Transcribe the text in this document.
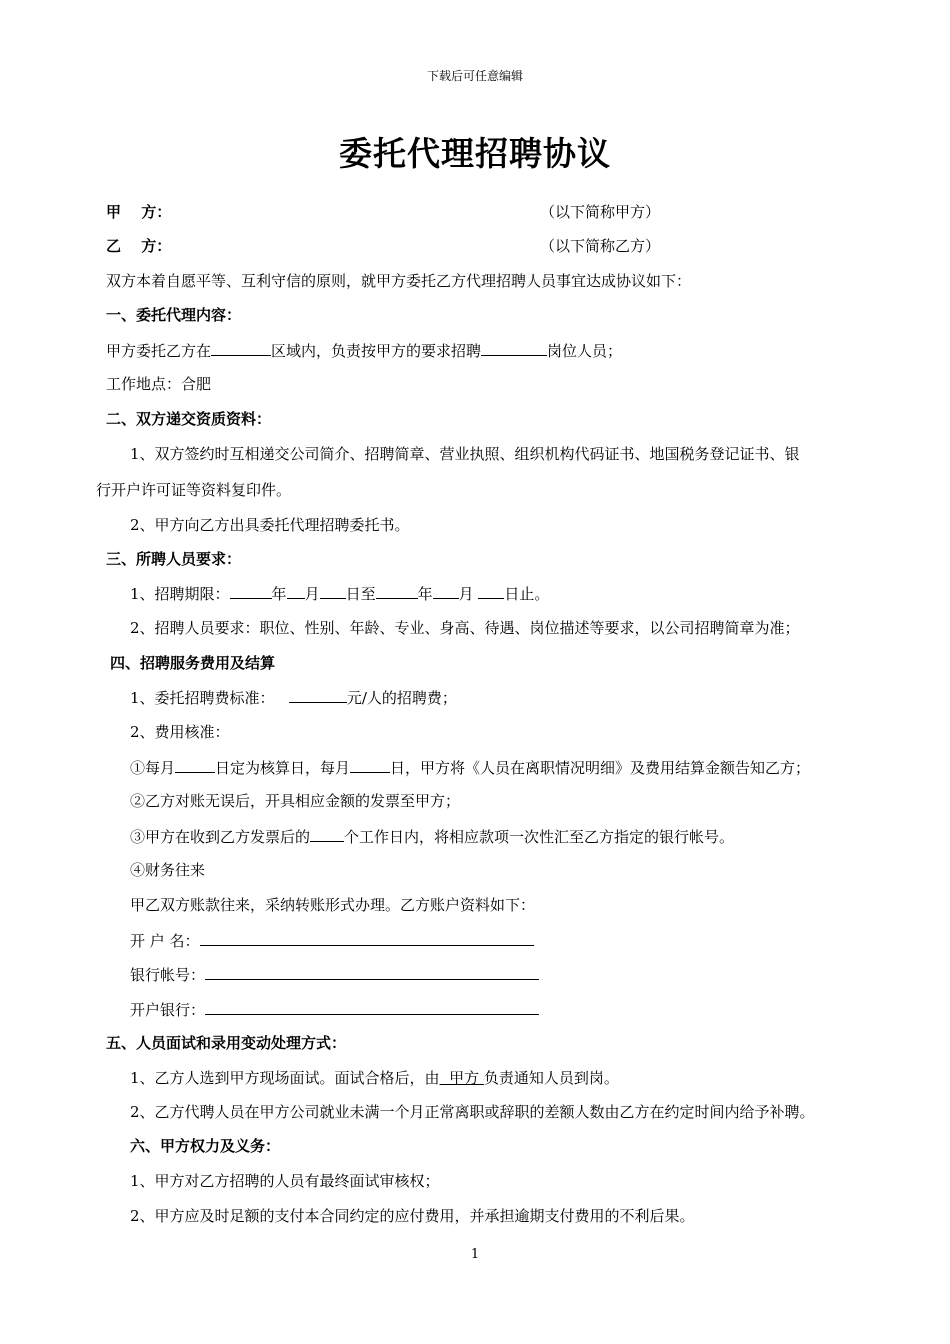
下载后可任意编辑
委托代理招聘协议
甲　 方：	（以下简称甲方）
乙　 方：	（以下简称乙方）
双方本着自愿平等、互利守信的原则，就甲方委托乙方代理招聘人员事宜达成协议如下：
一、委托代理内容：
甲方委托乙方在	区域内，负责按甲方的要求招聘	岗位人员；
工作地点：合肥
二、双方递交资质资料：
1、双方签约时互相递交公司简介、招聘简章、营业执照、组织机构代码证书、地国税务登记证书、银
行开户许可证等资料复印件。
2、甲方向乙方出具委托代理招聘委托书。
三、所聘人员要求：
1、招聘期限：	年 月 日至	年 月 日止。
2、招聘人员要求：职位、性别、年龄、专业、身高、待遇、岗位描述等要求，以公司招聘简章为准；
四、招聘服务费用及结算
1、委托招聘费标准：	元/人的招聘费；
2、费用核准：
①每月	日定为核算日，每月	日，甲方将《人员在离职情况明细》及费用结算金额告知乙方；
②乙方对账无误后，开具相应金额的发票至甲方；
③甲方在收到乙方发票后的 个工作日内，将相应款项一次性汇至乙方指定的银行帐号。
④财务往来
甲乙双方账款往来，采纳转账形式办理。乙方账户资料如下：
开 户 名：
银行帐号：
开户银行：
五、人员面试和录用变动处理方式：
1、乙方人选到甲方现场面试。面试合格后，由  甲方 负责通知人员到岗。
2、乙方代聘人员在甲方公司就业未满一个月正常离职或辞职的差额人数由乙方在约定时间内给予补聘。
六、甲方权力及义务：
1、甲方对乙方招聘的人员有最终面试审核权；
2、甲方应及时足额的支付本合同约定的应付费用，并承担逾期支付费用的不利后果。
1
